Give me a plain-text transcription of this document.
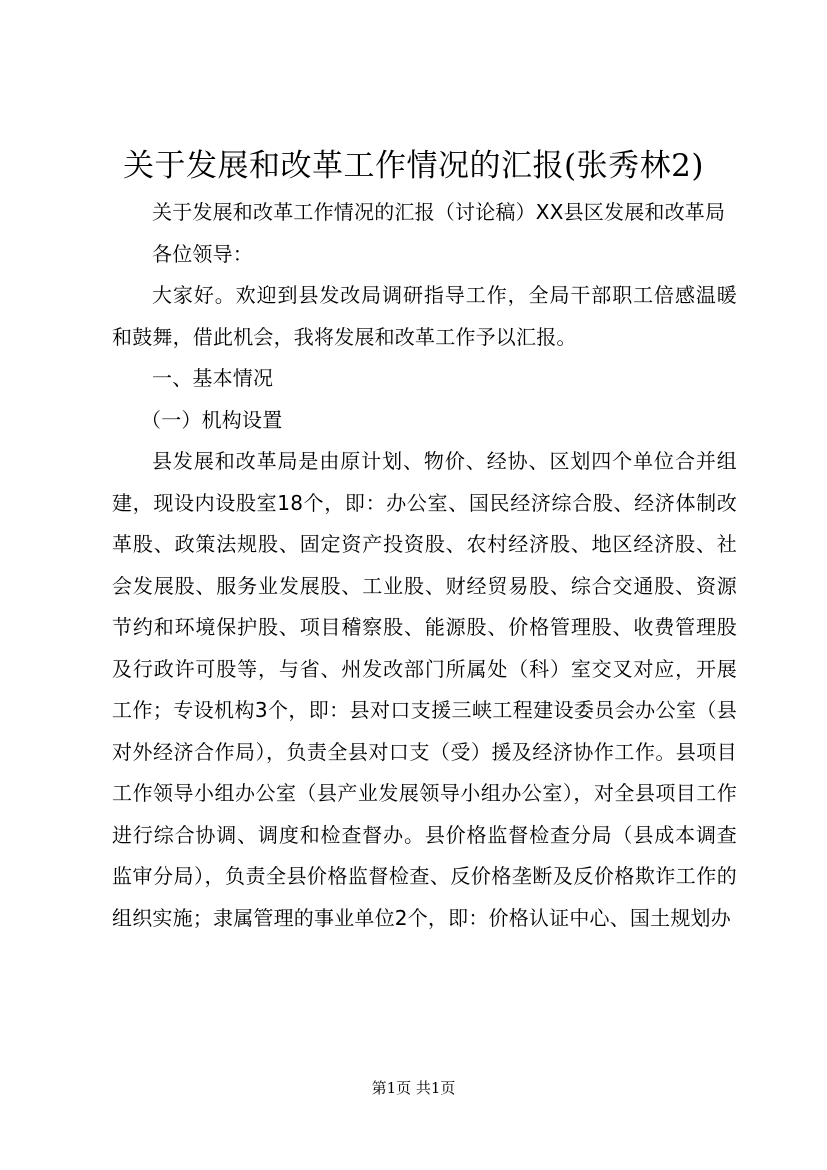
关于发展和改革工作情况的汇报(张秀林2)

关于发展和改革工作情况的汇报（讨论稿）XX县区发展和改革局

各位领导：

大家好。欢迎到县发改局调研指导工作，全局干部职工倍感温暖和鼓舞，借此机会，我将发展和改革工作予以汇报。

一、基本情况

（一）机构设置

县发展和改革局是由原计划、物价、经协、区划四个单位合并组建，现设内设股室18个，即：办公室、国民经济综合股、经济体制改革股、政策法规股、固定资产投资股、农村经济股、地区经济股、社会发展股、服务业发展股、工业股、财经贸易股、综合交通股、资源节约和环境保护股、项目稽察股、能源股、价格管理股、收费管理股及行政许可股等，与省、州发改部门所属处（科）室交叉对应，开展工作；专设机构3个，即：县对口支援三峡工程建设委员会办公室（县对外经济合作局），负责全县对口支（受）援及经济协作工作。县项目工作领导小组办公室（县产业发展领导小组办公室），对全县项目工作进行综合协调、调度和检查督办。县价格监督检查分局（县成本调查监审分局），负责全县价格监督检查、反价格垄断及反价格欺诈工作的组织实施；隶属管理的事业单位2个，即：价格认证中心、国土规划办

第1页 共1页
